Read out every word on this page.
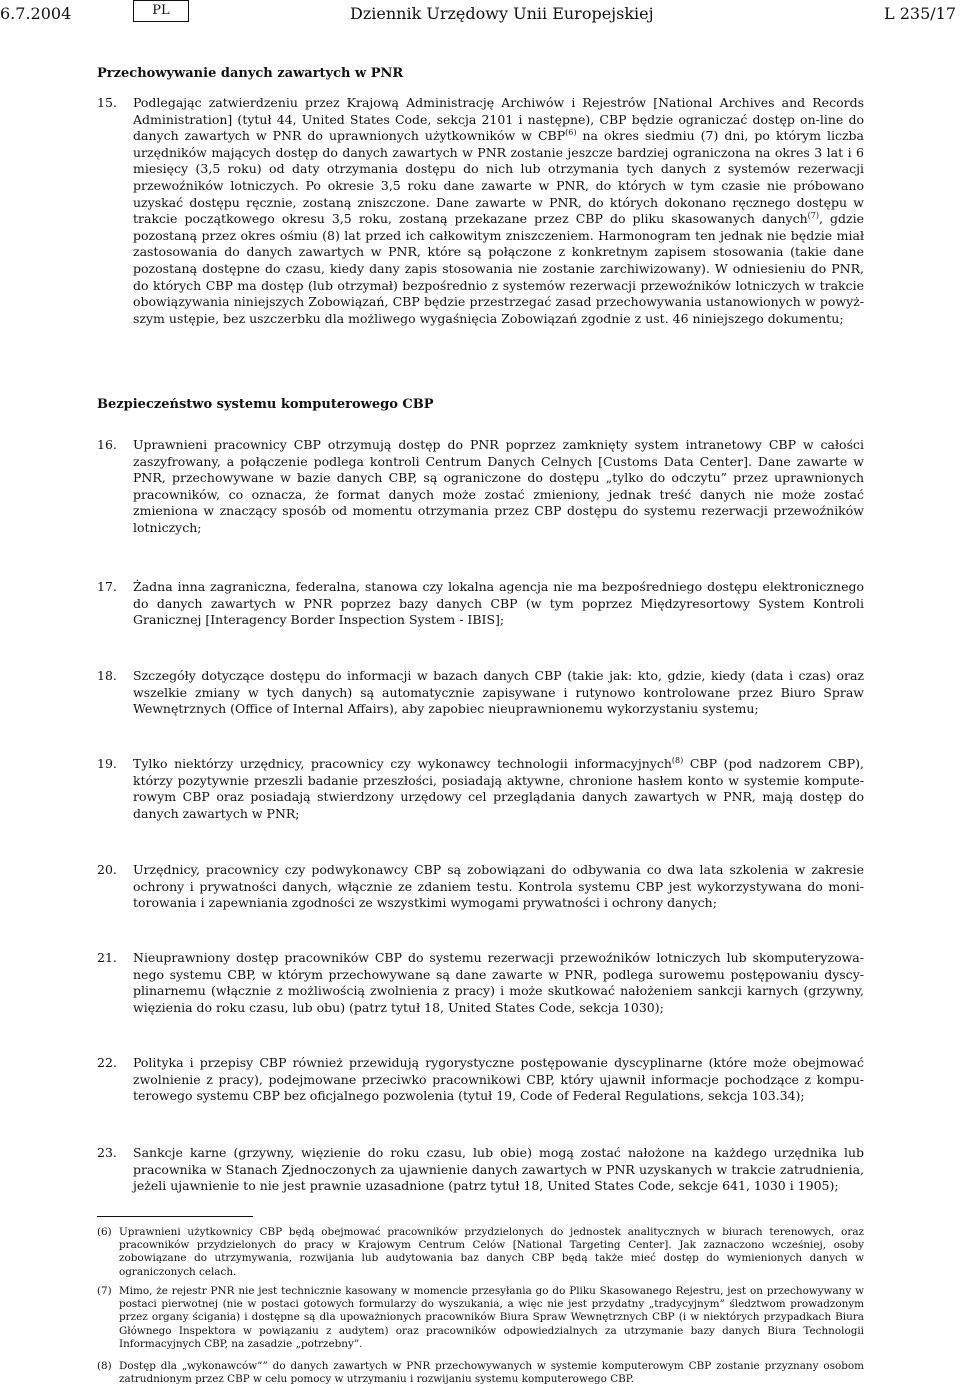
6.7.2004	PL	Dziennik Urzędowy Unii Europejskiej	L 235/17
Przechowywanie danych zawartych w PNR
Bezpieczeństwo systemu komputerowego CBP

15. Podlegając zatwierdzeniu przez Krajową Administrację Archiwów i Rejestrów [National Archives and Records Administration] (tytuł 44, United States Code, sekcja 2101 i następne), CBP będzie ograniczać dostęp on-line do danych zawartych w PNR do uprawnionych użytkowników w CBP$^{(6)}$ na okres siedmiu (7) dni, po którym liczba urzędników mających dostęp do danych zawartych w PNR zostanie jeszcze bardziej ograniczona na okres 3 lat i 6 miesięcy (3,5 roku) od daty otrzymania dostępu do nich lub otrzymania tych danych z systemów rezerwacji przewoźników lotniczych. Po okresie 3,5 roku dane zawarte w PNR, do których w tym czasie nie próbowano uzyskać dostępu ręcznie, zostaną zniszczone. Dane zawarte w PNR, do których dokonano ręcznego dostępu w trakcie początkowego okresu 3,5 roku, zostaną przekazane przez CBP do pliku skasowanych danych$^{(7)}$, gdzie pozostaną przez okres ośmiu (8) lat przed ich całkowitym zniszczeniem. Harmonogram ten jednak nie będzie miał zastosowania do danych zawartych w PNR, które są połączone z konkretnym zapisem stosowania (takie dane pozostaną dostępne do czasu, kiedy dany zapis stosowania nie zostanie zarchiwizowany). W odniesieniu do PNR, do których CBP ma dostęp (lub otrzymał) bezpośrednio z systemów rezerwacji przewoźników lotniczych w trakcie obowiązywania niniejszych Zobowiązań, CBP będzie przestrzegać zasad przechowywania ustanowionych w powyższym ustępie, bez uszczerbku dla możliwego wygaśnięcia Zobowiązań zgodnie z ust. 46 niniejszego dokumentu;

16. Uprawnieni pracownicy CBP otrzymują dostęp do PNR poprzez zamknięty system intranetowy CBP w całości zaszyfrowany, a połączenie podlega kontroli Centrum Danych Celnych [Customs Data Center]. Dane zawarte w PNR, przechowywane w bazie danych CBP, są ograniczone do dostępu „tylko do odczytu” przez uprawnionych pracowników, co oznacza, że format danych może zostać zmieniony, jednak treść danych nie może zostać zmieniona w znaczący sposób od momentu otrzymania przez CBP dostępu do systemu rezerwacji przewoźników lotniczych;

17. Żadna inna zagraniczna, federalna, stanowa czy lokalna agencja nie ma bezpośredniego dostępu elektronicznego do danych zawartych w PNR poprzez bazy danych CBP (w tym poprzez Międzyresortowy System Kontroli Granicznej [Interagency Border Inspection System - IBIS];

18. Szczegóły dotyczące dostępu do informacji w bazach danych CBP (takie jak: kto, gdzie, kiedy (data i czas) oraz wszelkie zmiany w tych danych) są automatycznie zapisywane i rutynowo kontrolowane przez Biuro Spraw Wewnętrznych (Office of Internal Affairs), aby zapobiec nieuprawnionemu wykorzystaniu systemu;

19. Tylko niektórzy urzędnicy, pracownicy czy wykonawcy technologii informacyjnych$^{(8)}$ CBP (pod nadzorem CBP), którzy pozytywnie przeszli badanie przeszłości, posiadają aktywne, chronione hasłem konto w systemie komputerowym CBP oraz posiadają stwierdzony urzędowy cel przeglądania danych zawartych w PNR, mają dostęp do danych zawartych w PNR;

20. Urzędnicy, pracownicy czy podwykonawcy CBP są zobowiązani do odbywania co dwa lata szkolenia w zakresie ochrony i prywatności danych, włącznie ze zdaniem testu. Kontrola systemu CBP jest wykorzystywana do monitorowania i zapewniania zgodności ze wszystkimi wymogami prywatności i ochrony danych;

21. Nieuprawniony dostęp pracowników CBP do systemu rezerwacji przewoźników lotniczych lub skomputeryzowanego systemu CBP, w którym przechowywane są dane zawarte w PNR, podlega surowemu postępowaniu dyscyplinarnemu (włącznie z możliwością zwolnienia z pracy) i może skutkować nałożeniem sankcji karnych (grzywny, więzienia do roku czasu, lub obu) (patrz tytuł 18, United States Code, sekcja 1030);

22. Polityka i przepisy CBP również przewidują rygorystyczne postępowanie dyscyplinarne (które może obejmować zwolnienie z pracy), podejmowane przeciwko pracownikowi CBP, który ujawnił informacje pochodzące z komputerowego systemu CBP bez oficjalnego pozwolenia (tytuł 19, Code of Federal Regulations, sekcja 103.34);

23. Sankcje karne (grzywny, więzienie do roku czasu, lub obie) mogą zostać nałożone na każdego urzędnika lub pracownika w Stanach Zjednoczonych za ujawnienie danych zawartych w PNR uzyskanych w trakcie zatrudnienia, jeżeli ujawnienie to nie jest prawnie uzasadnione (patrz tytuł 18, United States Code, sekcje 641, 1030 i 1905);

(6) Uprawnieni użytkownicy CBP będą obejmować pracowników przydzielonych do jednostek analitycznych w biurach terenowych, oraz pracowników przydzielonych do pracy w Krajowym Centrum Celów [National Targeting Center]. Jak zaznaczono wcześniej, osoby zobowiązane do utrzymywania, rozwijania lub audytowania baz danych CBP będą także mieć dostęp do wymienionych danych w ograniczonych celach.

(7) Mimo, że rejestr PNR nie jest technicznie kasowany w momencie przesyłania go do Pliku Skasowanego Rejestru, jest on przechowywany w postaci pierwotnej (nie w postaci gotowych formularzy do wyszukania, a więc nie jest przydatny „tradycyjnym” śledztwom prowadzonym przez organy ścigania) i dostępne są dla upoważnionych pracowników Biura Spraw Wewnętrznych CBP (i w niektórych przypadkach Biura Głównego Inspektora w powiązaniu z audytem) oraz pracowników odpowiedzialnych za utrzymanie bazy danych Biura Technologii Informacyjnych CBP, na zasadzie „potrzebny”.

(8) Dostęp dla „wykonawców”” do danych zawartych w PNR przechowywanych w systemie komputerowym CBP zostanie przyznany osobom zatrudnionym przez CBP w celu pomocy w utrzymaniu i rozwijaniu systemu komputerowego CBP.
